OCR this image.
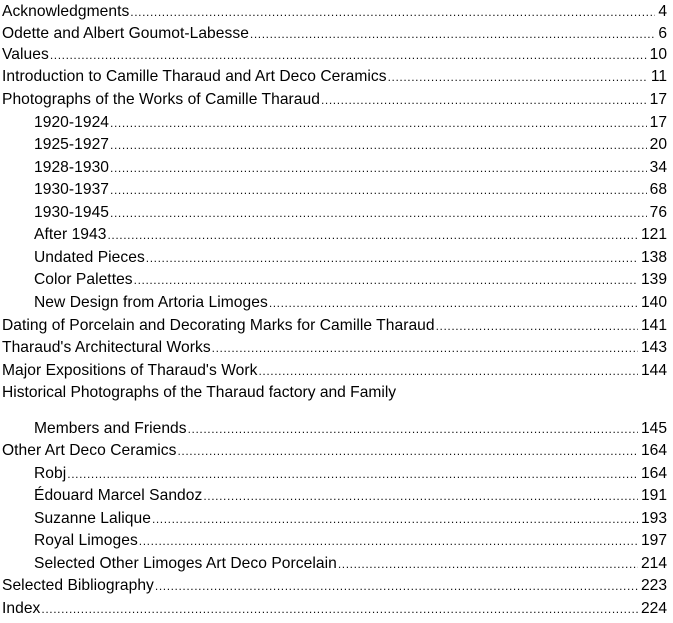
Acknowledgments .....	4
Odette and Albert Goumot-Labesse .....	6
Values .....	10
Introduction to Camille Tharaud and Art Deco Ceramics .....	11
Photographs of the Works of Camille Tharaud .....	17
1920-1924 .....	17
1925-1927 .....	20
1928-1930 .....	34
1930-1937 .....	68
1930-1945 .....	76
After 1943 .....	121
Undated Pieces .....	138
Color Palettes .....	139
New Design from Artoria Limoges .....	140
Dating of Porcelain and Decorating Marks for Camille Tharaud .....	141
Tharaud's Architectural Works .....	143
Major Expositions of Tharaud's Work .....	144
Historical Photographs of the Tharaud factory and Family
Members and Friends .....	145
Other Art Deco Ceramics .....	164
Robj .....	164
Édouard Marcel Sandoz .....	191
Suzanne Lalique .....	193
Royal Limoges .....	197
Selected Other Limoges Art Deco Porcelain .....	214
Selected Bibliography .....	223
Index .....	224
